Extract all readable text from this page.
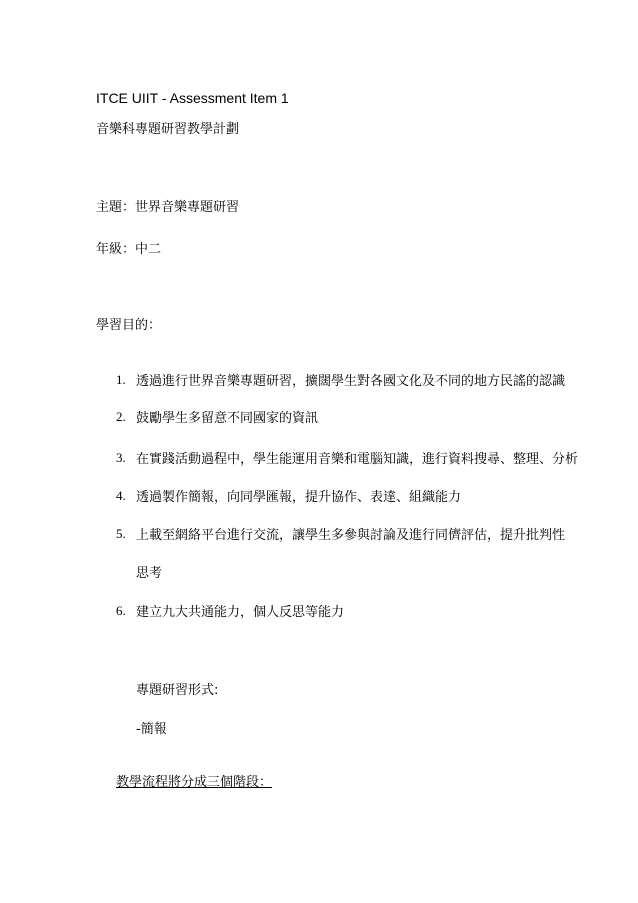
ITCE UIIT - Assessment Item 1
音樂科專題研習教學計劃
主題：世界音樂專題研習
年級：中二
學習目的：
1. 透過進行世界音樂專題研習，擴闊學生對各國文化及不同的地方民謠的認識
2. 鼓勵學生多留意不同國家的資訊
3. 在實踐活動過程中，學生能運用音樂和電腦知識，進行資料搜尋、整理、分析
4. 透過製作簡報，向同學匯報，提升協作、表達、組織能力
5. 上載至網絡平台進行交流，讓學生多參與討論及進行同儕評估，提升批判性
思考
6. 建立九大共通能力，個人反思等能力
專題研習形式:
-簡報
教學流程將分成三個階段：
